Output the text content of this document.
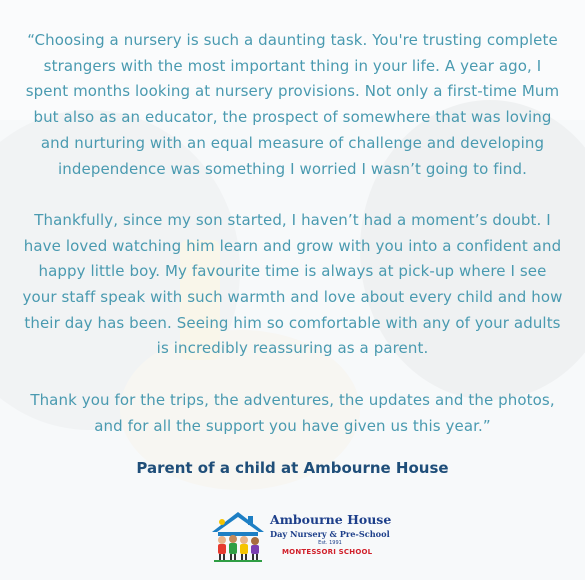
“Choosing a nursery is such a daunting task. You're trusting complete strangers with the most important thing in your life. A year ago, I spent months looking at nursery provisions. Not only a first-time Mum but also as an educator, the prospect of somewhere that was loving and nurturing with an equal measure of challenge and developing independence was something I worried I wasn’t going to find.

Thankfully, since my son started, I haven’t had a moment’s doubt. I have loved watching him learn and grow with you into a confident and happy little boy. My favourite time is always at pick-up where I see your staff speak with such warmth and love about every child and how their day has been. Seeing him so comfortable with any of your adults is incredibly reassuring as a parent.

Thank you for the trips, the adventures, the updates and the photos, and for all the support you have given us this year.”

Parent of a child at Ambourne House
Ambourne House
Day Nursery & Pre-School
Est. 1991
MONTESSORI SCHOOL
